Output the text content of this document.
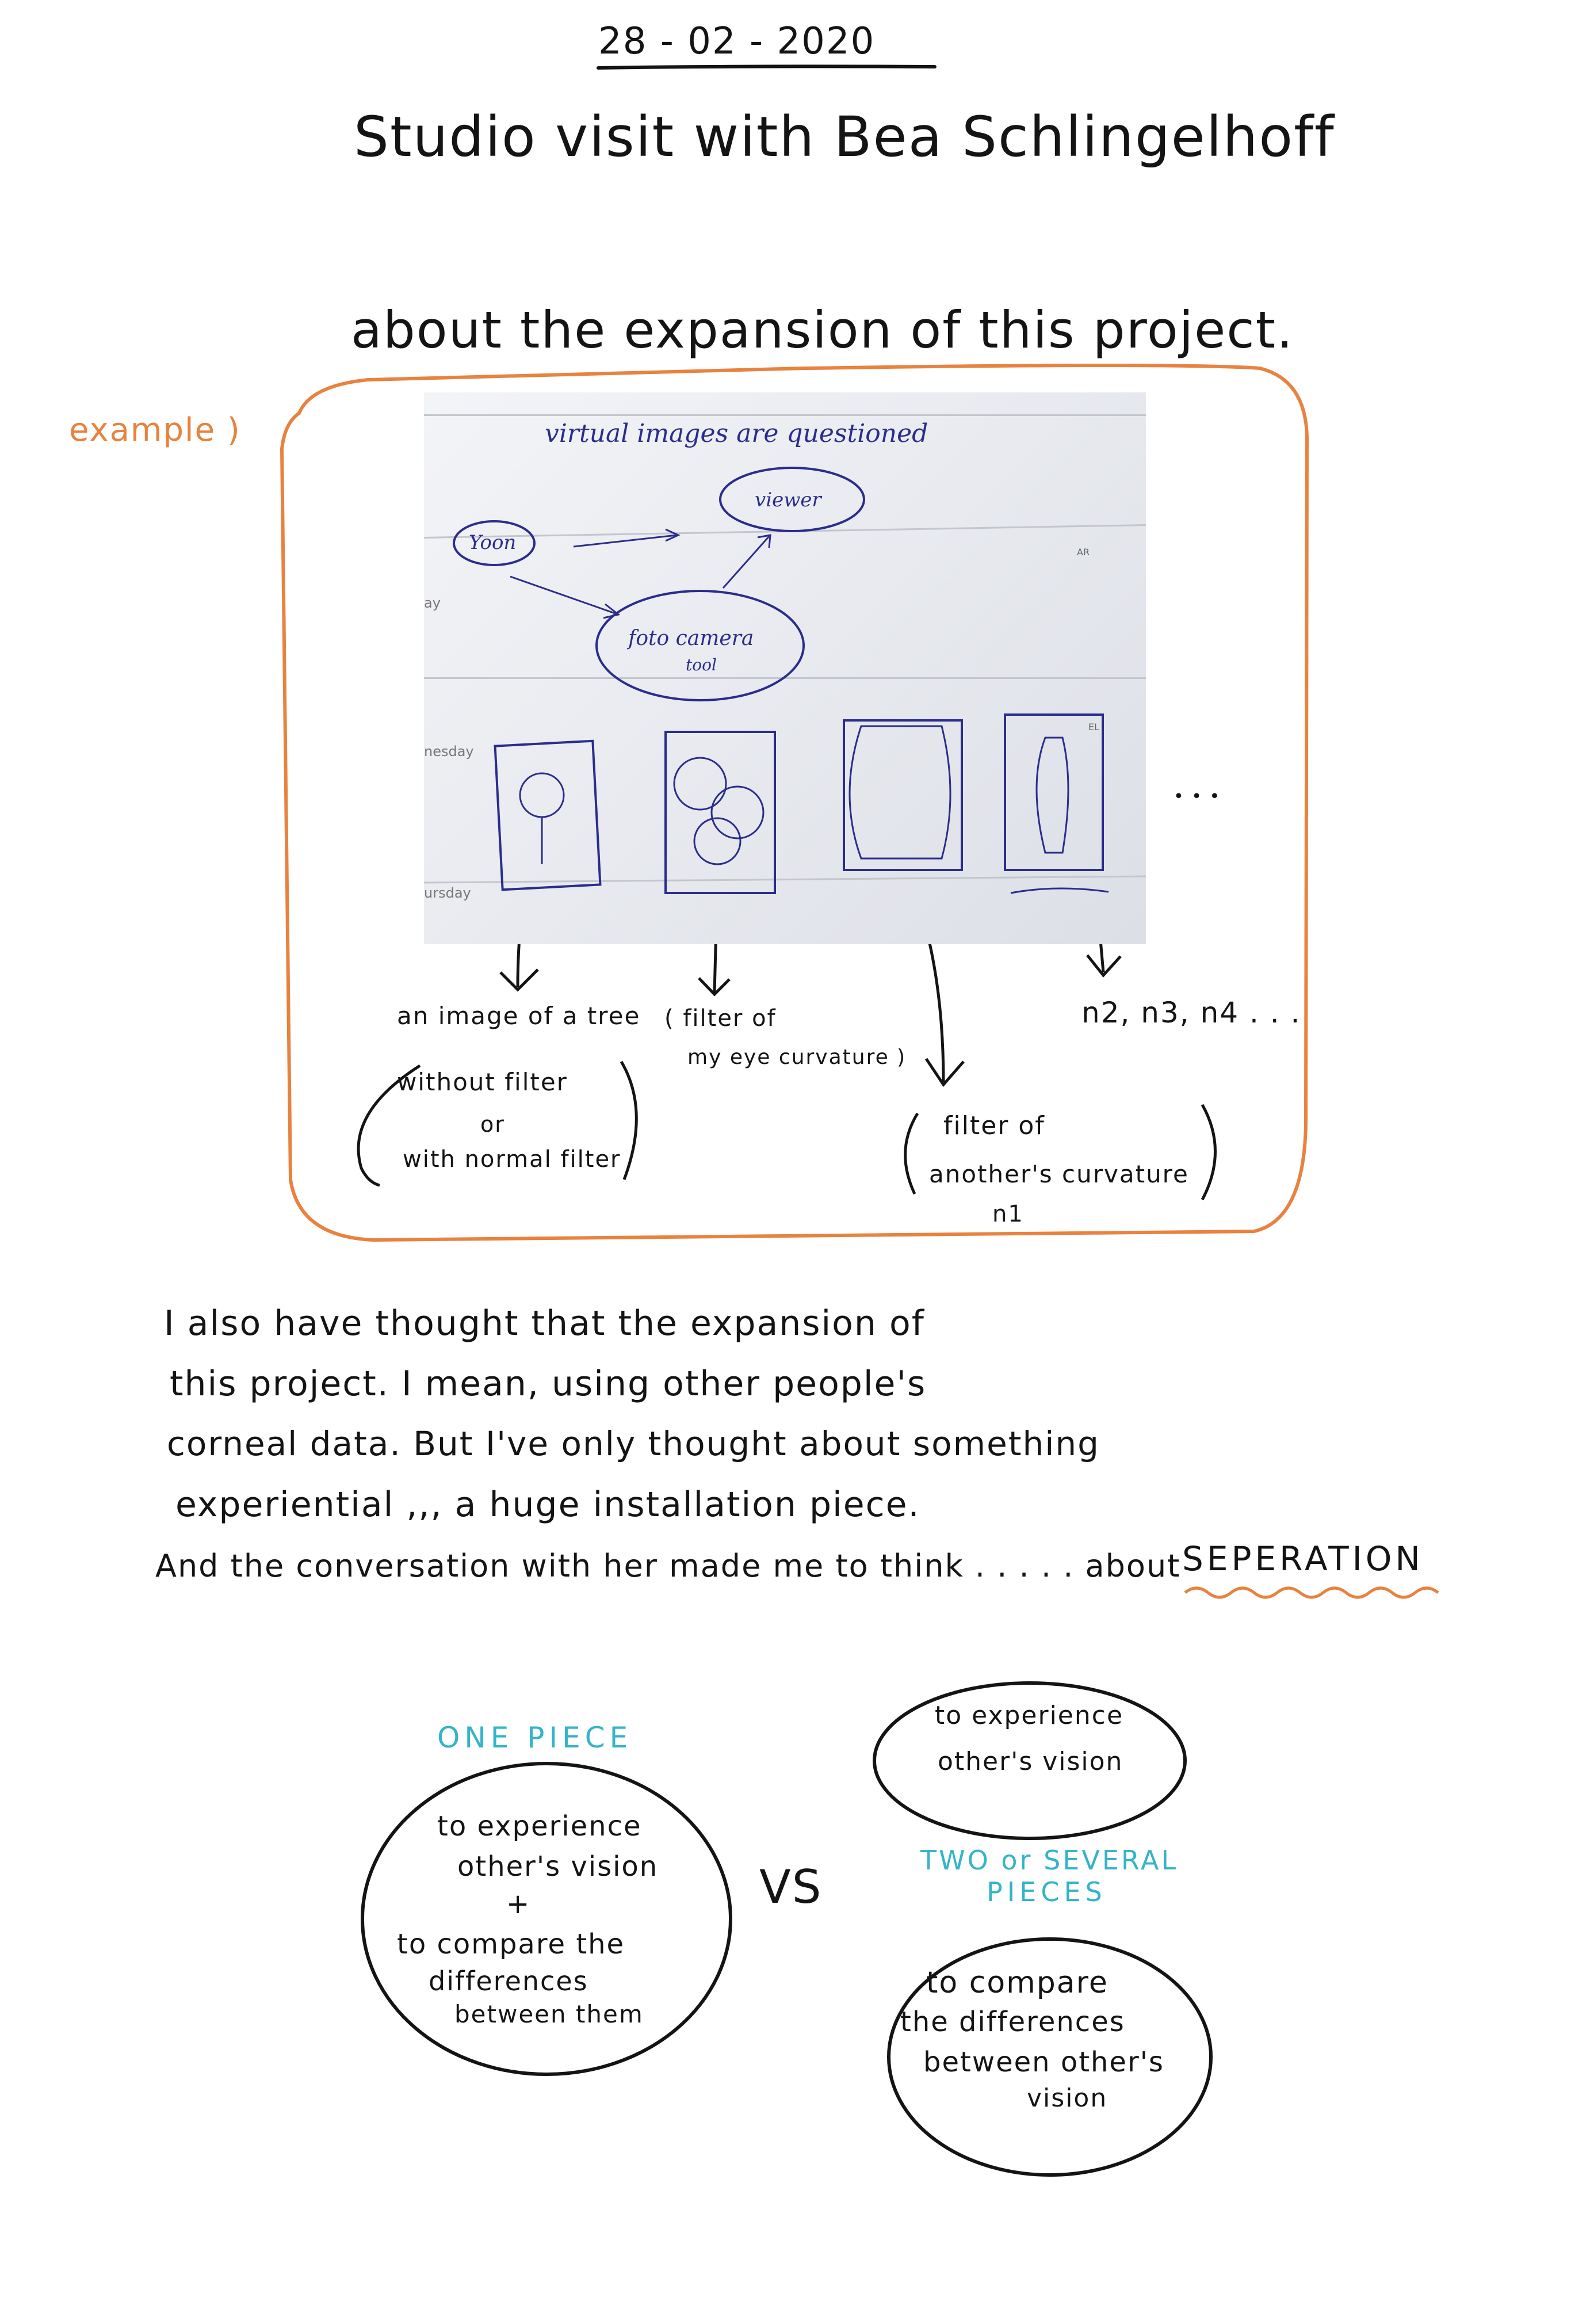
28 - 02 - 2020
Studio visit with Bea Schlingelhoff
about the expansion of this project.
example )
ay
nesday
ursday
AR
EL
virtual images are questioned
Yoon
viewer
foto camera
tool
• • •
an image of a tree
without filter
or
with normal filter
( filter of
my eye curvature )
filter of
another's curvature
n1
n2, n3, n4 . . .
I also have thought that the expansion of
this project. I mean, using other people's
corneal data. But I've only thought about something
experiential ,,, a huge installation piece.
And the conversation with her made me to think . . . . . about SEPERATION
ONE PIECE
to experience
other's vision
+
to compare the
differences
between them
VS
to experience
other's vision
TWO or SEVERAL
PIECES
to compare
the differences
between other's
vision
